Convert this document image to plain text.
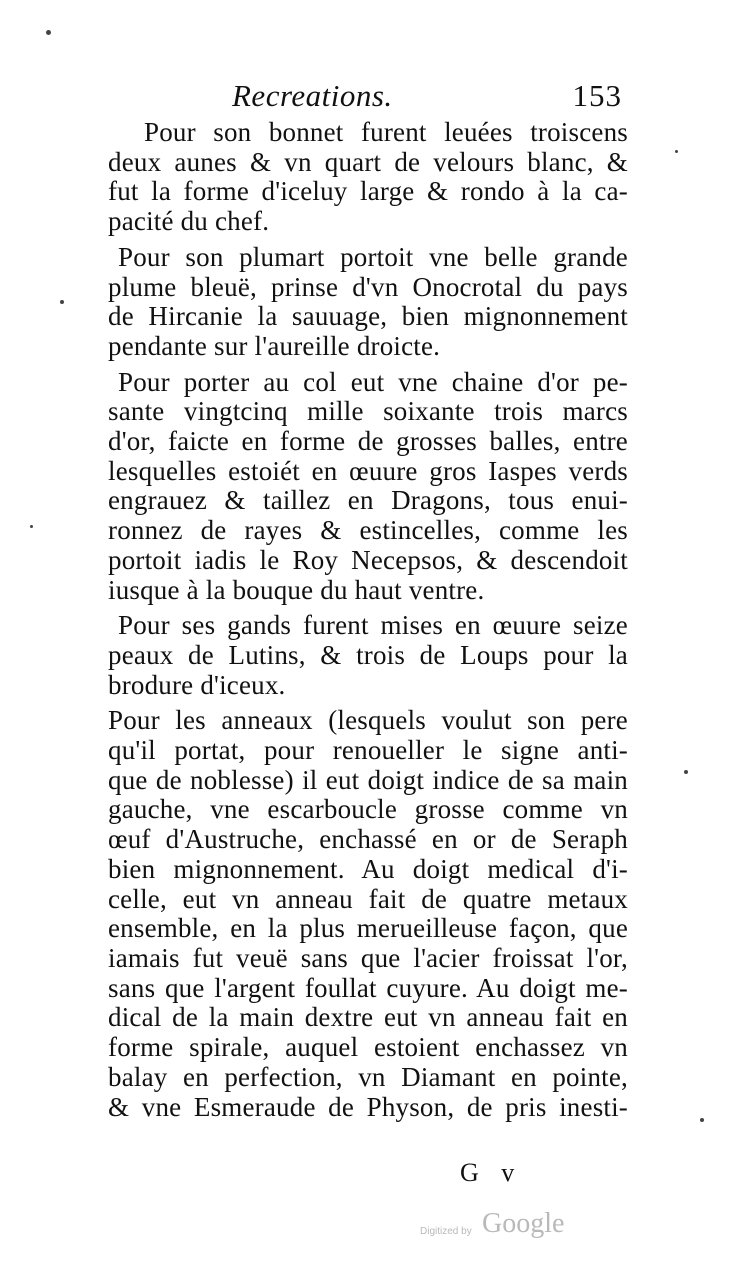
Recreations.	153
Pour son bonnet furent leuées troiscens
deux aunes & vn quart de velours blanc, &
fut la forme d'iceluy large & rondo à la ca-
pacité du chef.
Pour son plumart portoit vne belle grande
plume bleuë, prinse d'vn Onocrotal du pays
de Hircanie la sauuage, bien mignonnement
pendante sur l'aureille droicte.
Pour porter au col eut vne chaine d'or pe-
sante vingtcinq mille soixante trois marcs
d'or, faicte en forme de grosses balles, entre
lesquelles estoiét en œuure gros Iaspes verds
engrauez & taillez en Dragons, tous enui-
ronnez de rayes & estincelles, comme les
portoit iadis le Roy Necepsos, & descendoit
iusque à la bouque du haut ventre.
Pour ses gands furent mises en œuure seize
peaux de Lutins, & trois de Loups pour la
brodure d'iceux.
Pour les anneaux (lesquels voulut son pere
qu'il portat, pour renoueller le signe anti-
que de noblesse) il eut doigt indice de sa main
gauche, vne escarboucle grosse comme vn
œuf d'Austruche, enchassé en or de Seraph
bien mignonnement. Au doigt medical d'i-
celle, eut vn anneau fait de quatre metaux
ensemble, en la plus merueilleuse façon, que
iamais fut veuë sans que l'acier froissat l'or,
sans que l'argent foullat cuyure. Au doigt me-
dical de la main dextre eut vn anneau fait en
forme spirale, auquel estoient enchassez vn
balay en perfection, vn Diamant en pointe,
& vne Esmeraude de Physon, de pris inesti-
G v
Digitized by Google
